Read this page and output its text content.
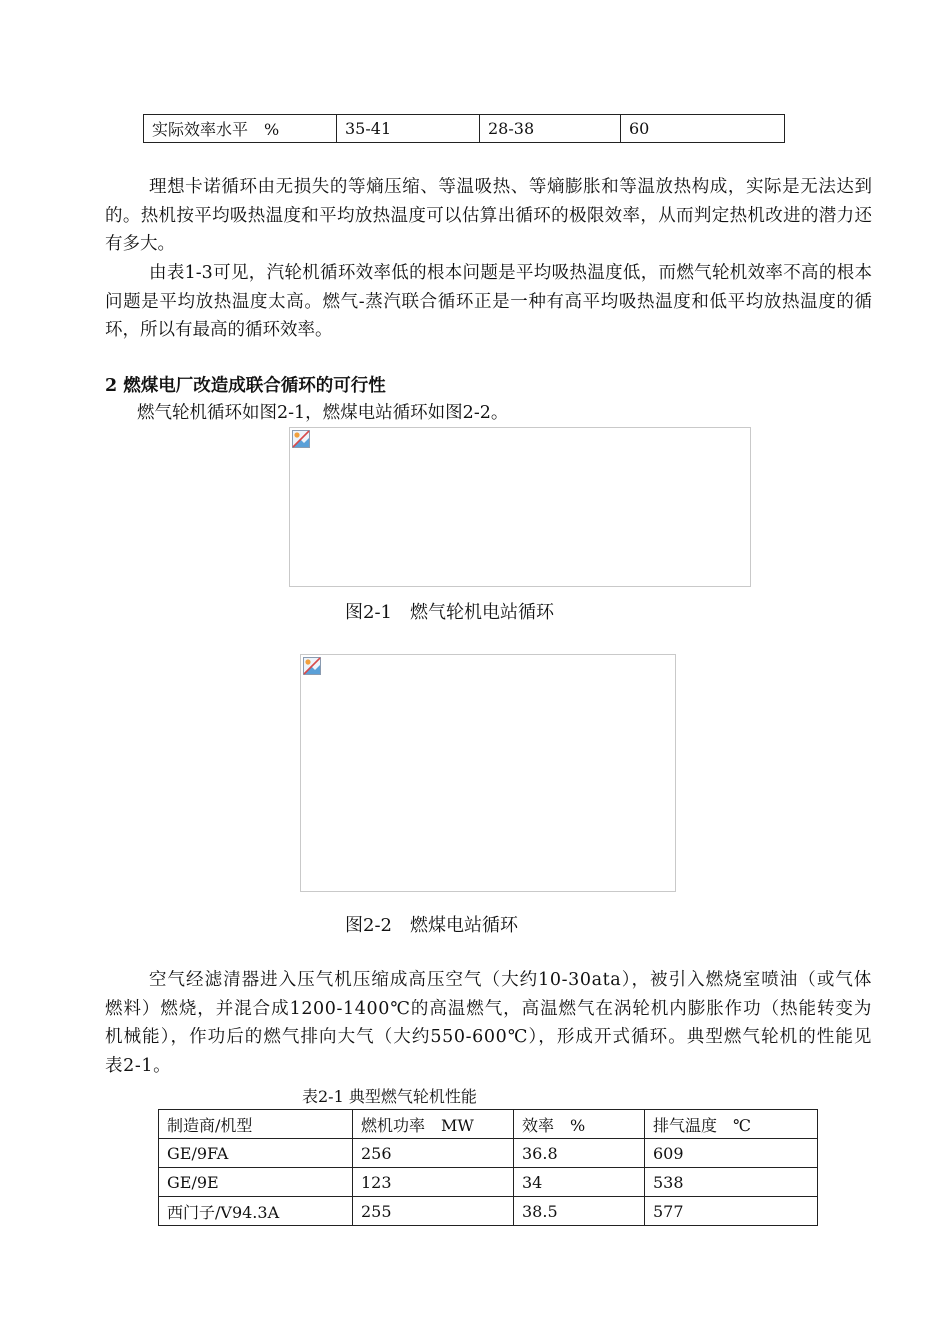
实际效率水平　%	35-41	28-38	60
理想卡诺循环由无损失的等熵压缩、等温吸热、等熵膨胀和等温放热构成，实际是无法达到的。热机按平均吸热温度和平均放热温度可以估算出循环的极限效率，从而判定热机改进的潜力还有多大。
由表1-3可见，汽轮机循环效率低的根本问题是平均吸热温度低，而燃气轮机效率不高的根本问题是平均放热温度太高。燃气-蒸汽联合循环正是一种有高平均吸热温度和低平均放热温度的循环，所以有最高的循环效率。
2 燃煤电厂改造成联合循环的可行性
燃气轮机循环如图2-1，燃煤电站循环如图2-2。
图2-1　燃气轮机电站循环
图2-2　燃煤电站循环
空气经滤清器进入压气机压缩成高压空气（大约10-30ata），被引入燃烧室喷油（或气体燃料）燃烧，并混合成1200-1400℃的高温燃气，高温燃气在涡轮机内膨胀作功（热能转变为机械能），作功后的燃气排向大气（大约550-600℃），形成开式循环。典型燃气轮机的性能见表2-1。
表2-1 典型燃气轮机性能
制造商/机型	燃机功率　MW	效率　%	排气温度　℃
GE/9FA	256	36.8	609
GE/9E	123	34	538
西门子/V94.3A	255	38.5	577
